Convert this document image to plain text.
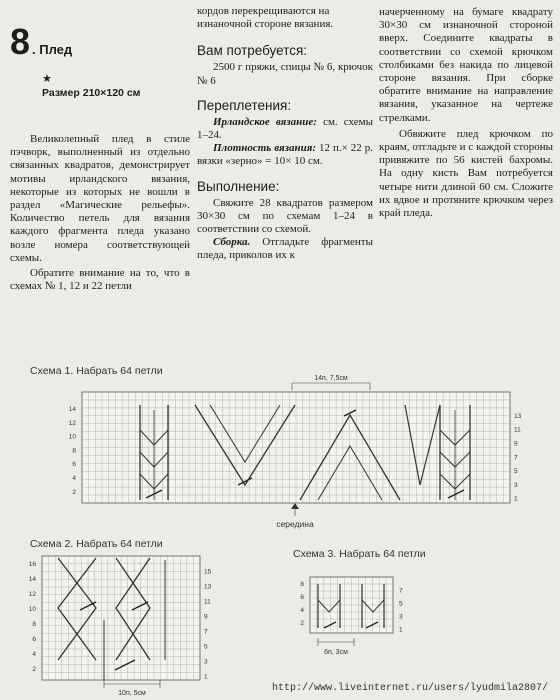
8 . Плед
★
Размер 210×120 см

Великолепный плед в стиле пэчворк, выполненный из отдельно связанных квадратов, демонстрирует мотивы ирландского вязания, некоторые из которых не вошли в раздел «Магические рельефы». Количество петель для вязания каждого фрагмента пледа указано возле номера соответствующей схемы.

Обратите внимание на то, что в схемах № 1, 12 и 22 петли

кордов перекрещиваются на

изнаночной стороне вязания.

Вам потребуется:

2500 г пряжи, спицы № 6, крючок № 6

Переплетения:

Ирландское вязание: см. схемы 1–24.

Плотность вязания: 12 п.× 22 р. вязки «зерно» = 10× 10 см.

Выполнение:

Свяжите 28 квадратов размером 30×30 см по схемам 1–24 в соответствии со схемой.

Сборка. Отгладьте фрагменты пледа, приколов их к

начерченному на бумаге квадрату 30×30 см изнаночной стороной вверх. Соедините квадраты в соответствии со схемой крючком столбиками без накида по лицевой стороне вязания. При сборке обратите внимание на направление вязания, указанное на чертеже стрелками.

Обвяжите плед крючком по краям, отгладьте и с каждой стороны привяжите по 56 кистей бахромы. На одну кисть Вам потребуется четыре нити длиной 60 см. Сложите их вдвое и протяните крючком через край пледа.

Схема 1. Набрать 64 петли
14п, 7,5см
середина
14
12
10
8
6
4
2
13
11
9
7
5
3
1
Схема 2. Набрать 64 петли
10п, 5см
16
14
12
10
8
6
4
2
15
13
11
9
7
5
3
1
Схема 3. Набрать 64 петли
6п, 3см
8
6
4
2
7
5
3
1
http://www.liveinternet.ru/users/lyudmila2807/
